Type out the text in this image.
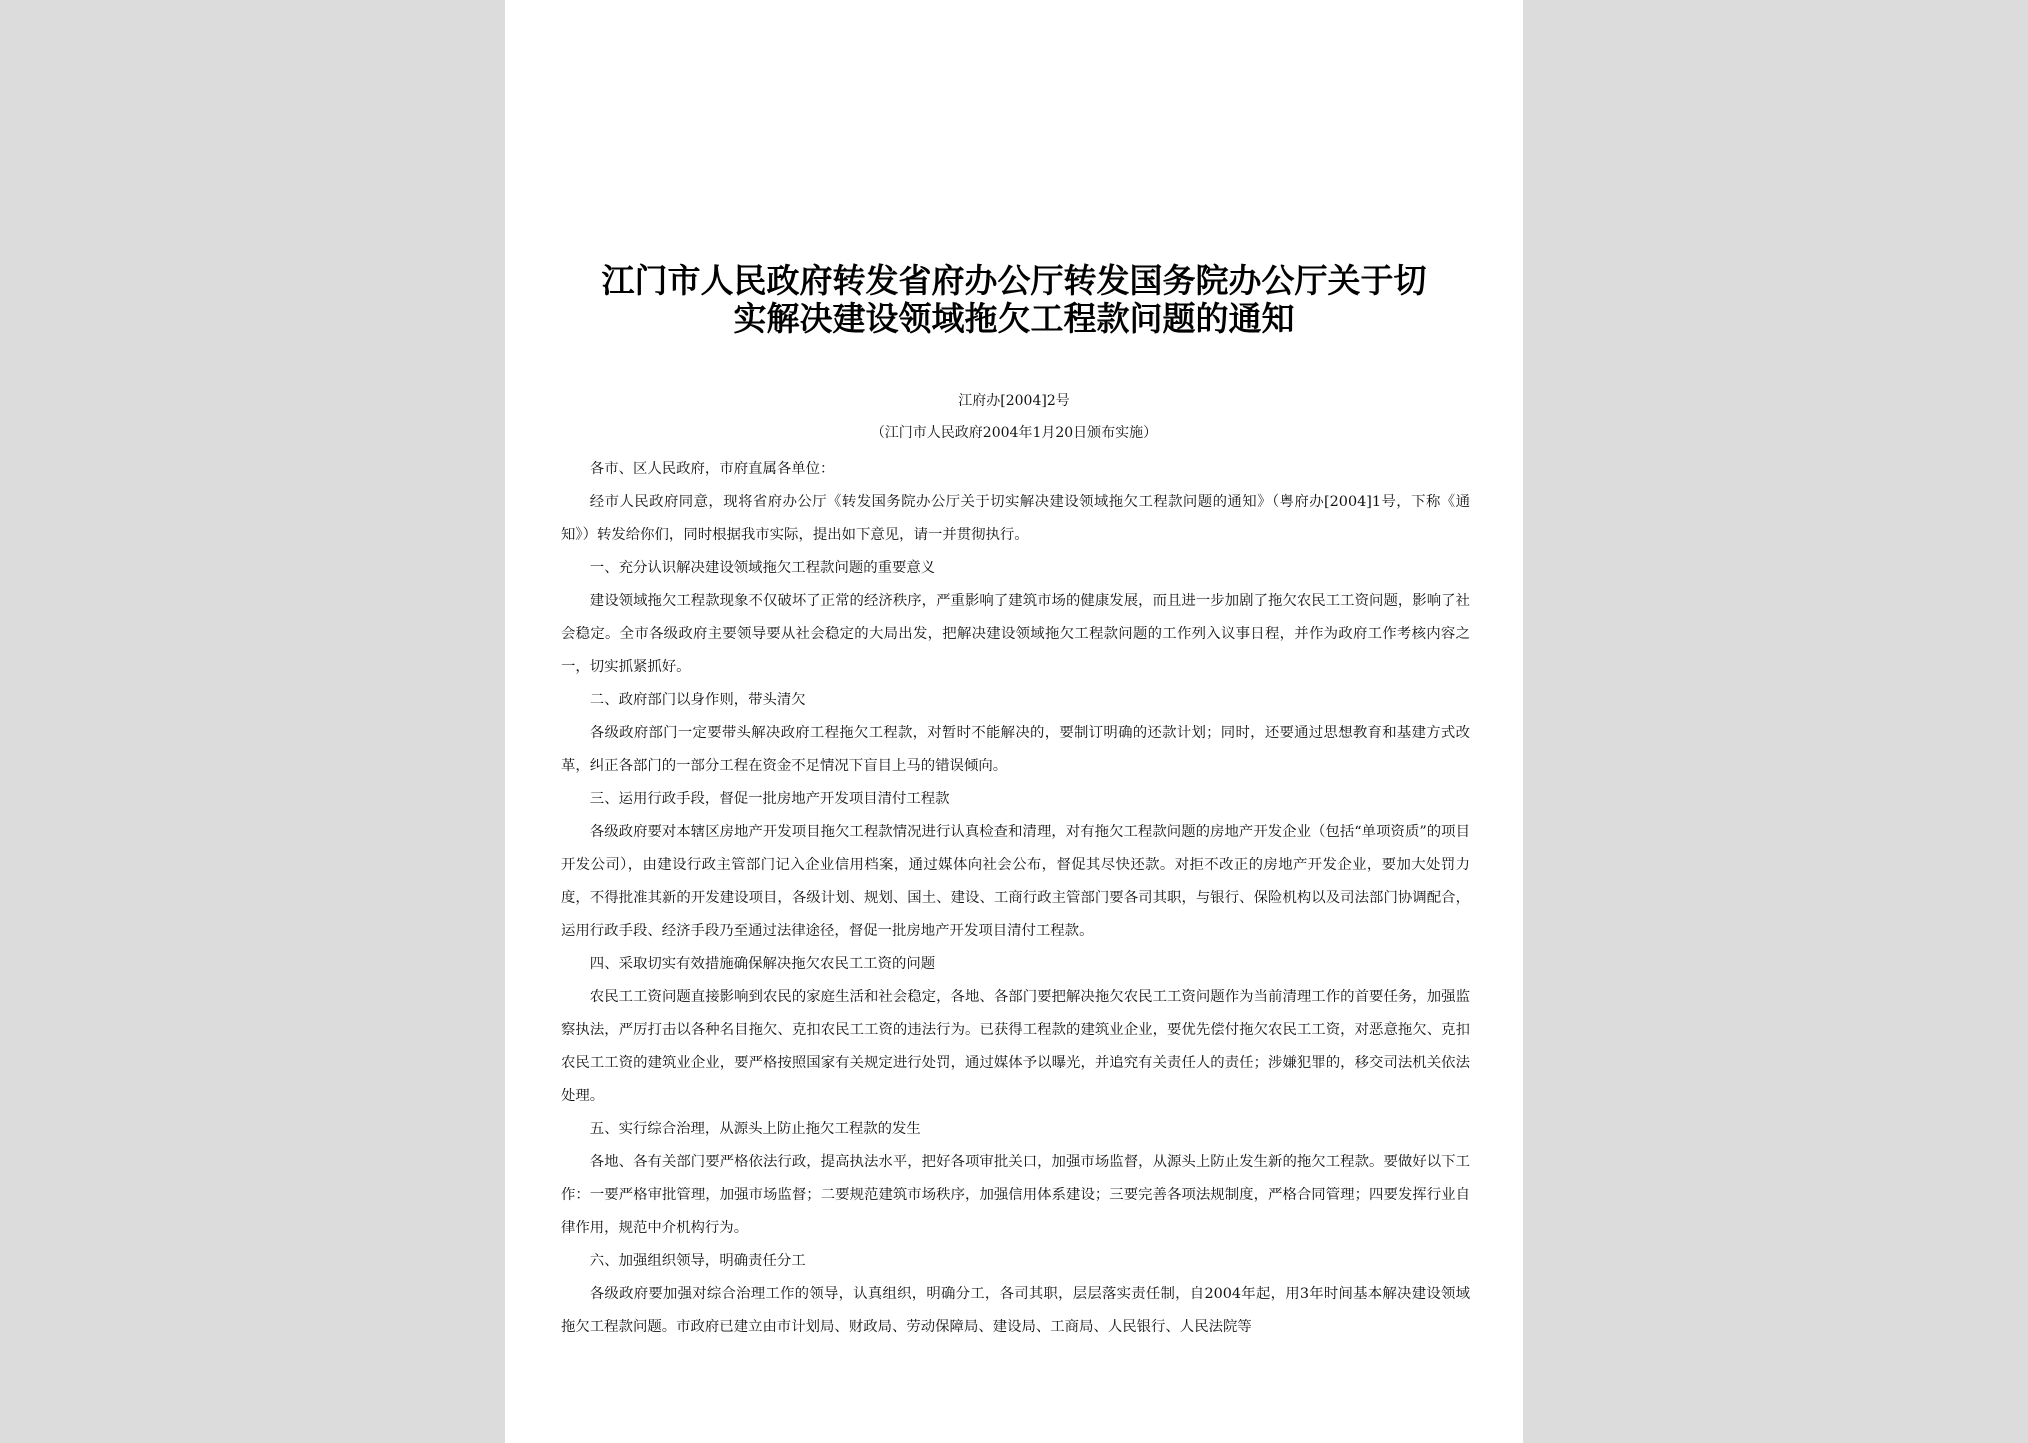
江门市人民政府转发省府办公厅转发国务院办公厅关于切实解决建设领域拖欠工程款问题的通知
江府办[2004]2号
（江门市人民政府2004年1月20日颁布实施）

各市、区人民政府，市府直属各单位：

经市人民政府同意，现将省府办公厅《转发国务院办公厅关于切实解决建设领域拖欠工程款问题的通知》（粤府办[2004]1号，下称《通知》）转发给你们，同时根据我市实际，提出如下意见，请一并贯彻执行。

一、充分认识解决建设领域拖欠工程款问题的重要意义

建设领域拖欠工程款现象不仅破坏了正常的经济秩序，严重影响了建筑市场的健康发展，而且进一步加剧了拖欠农民工工资问题，影响了社会稳定。全市各级政府主要领导要从社会稳定的大局出发，把解决建设领域拖欠工程款问题的工作列入议事日程，并作为政府工作考核内容之一，切实抓紧抓好。

二、政府部门以身作则，带头清欠

各级政府部门一定要带头解决政府工程拖欠工程款，对暂时不能解决的，要制订明确的还款计划；同时，还要通过思想教育和基建方式改革，纠正各部门的一部分工程在资金不足情况下盲目上马的错误倾向。

三、运用行政手段，督促一批房地产开发项目清付工程款

各级政府要对本辖区房地产开发项目拖欠工程款情况进行认真检查和清理，对有拖欠工程款问题的房地产开发企业（包括“单项资质”的项目开发公司），由建设行政主管部门记入企业信用档案，通过媒体向社会公布，督促其尽快还款。对拒不改正的房地产开发企业，要加大处罚力度，不得批准其新的开发建设项目，各级计划、规划、国土、建设、工商行政主管部门要各司其职，与银行、保险机构以及司法部门协调配合，运用行政手段、经济手段乃至通过法律途径，督促一批房地产开发项目清付工程款。

四、采取切实有效措施确保解决拖欠农民工工资的问题

农民工工资问题直接影响到农民的家庭生活和社会稳定，各地、各部门要把解决拖欠农民工工资问题作为当前清理工作的首要任务，加强监察执法，严厉打击以各种名目拖欠、克扣农民工工资的违法行为。已获得工程款的建筑业企业，要优先偿付拖欠农民工工资，对恶意拖欠、克扣农民工工资的建筑业企业，要严格按照国家有关规定进行处罚，通过媒体予以曝光，并追究有关责任人的责任；涉嫌犯罪的，移交司法机关依法处理。

五、实行综合治理，从源头上防止拖欠工程款的发生

各地、各有关部门要严格依法行政，提高执法水平，把好各项审批关口，加强市场监督，从源头上防止发生新的拖欠工程款。要做好以下工作：一要严格审批管理，加强市场监督；二要规范建筑市场秩序，加强信用体系建设；三要完善各项法规制度，严格合同管理；四要发挥行业自律作用，规范中介机构行为。

六、加强组织领导，明确责任分工

各级政府要加强对综合治理工作的领导，认真组织，明确分工，各司其职，层层落实责任制，自2004年起，用3年时间基本解决建设领域拖欠工程款问题。市政府已建立由市计划局、财政局、劳动保障局、建设局、工商局、人民银行、人民法院等
